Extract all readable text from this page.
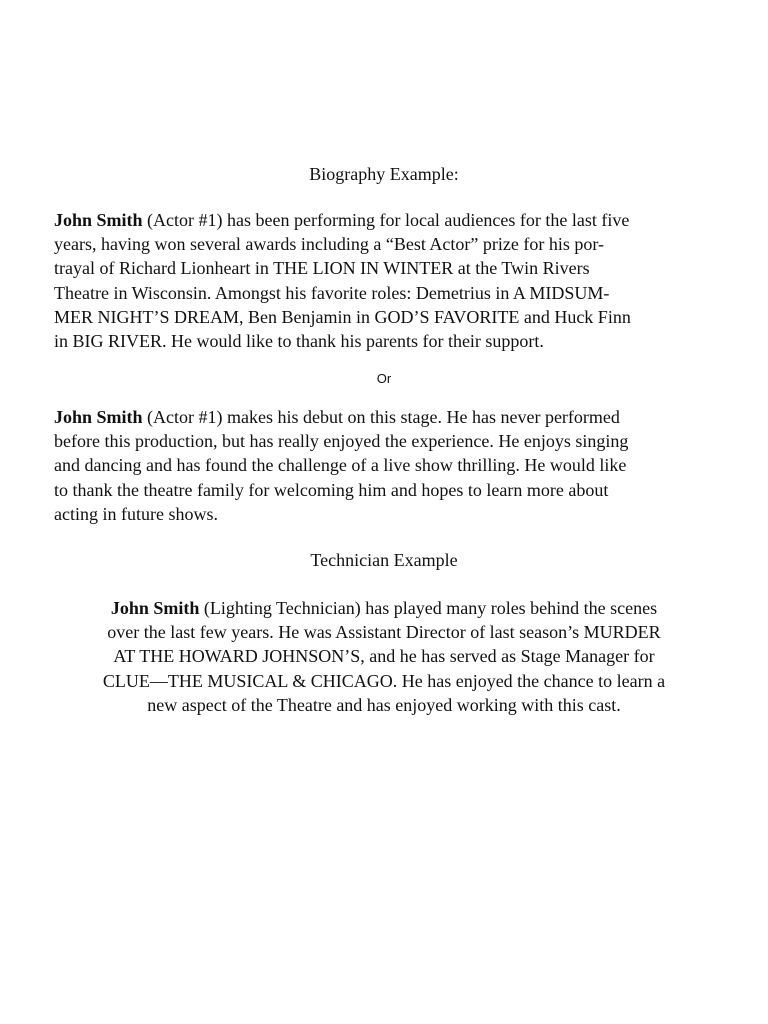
Biography Example:

John Smith (Actor #1) has been performing for local audiences for the last five
years, having won several awards including a “Best Actor” prize for his por-
trayal of Richard Lionheart in THE LION IN WINTER at the Twin Rivers
Theatre in Wisconsin. Amongst his favorite roles: Demetrius in A MIDSUM-
MER NIGHT’S DREAM, Ben Benjamin in GOD’S FAVORITE and Huck Finn
in BIG RIVER. He would like to thank his parents for their support.

Or

John Smith (Actor #1) makes his debut on this stage. He has never performed
before this production, but has really enjoyed the experience. He enjoys singing
and dancing and has found the challenge of a live show thrilling. He would like
to thank the theatre family for welcoming him and hopes to learn more about
acting in future shows.

Technician Example

John Smith (Lighting Technician) has played many roles behind the scenes
over the last few years. He was Assistant Director of last season’s MURDER
AT THE HOWARD JOHNSON’S, and he has served as Stage Manager for
CLUE—THE MUSICAL & CHICAGO. He has enjoyed the chance to learn a
new aspect of the Theatre and has enjoyed working with this cast.
